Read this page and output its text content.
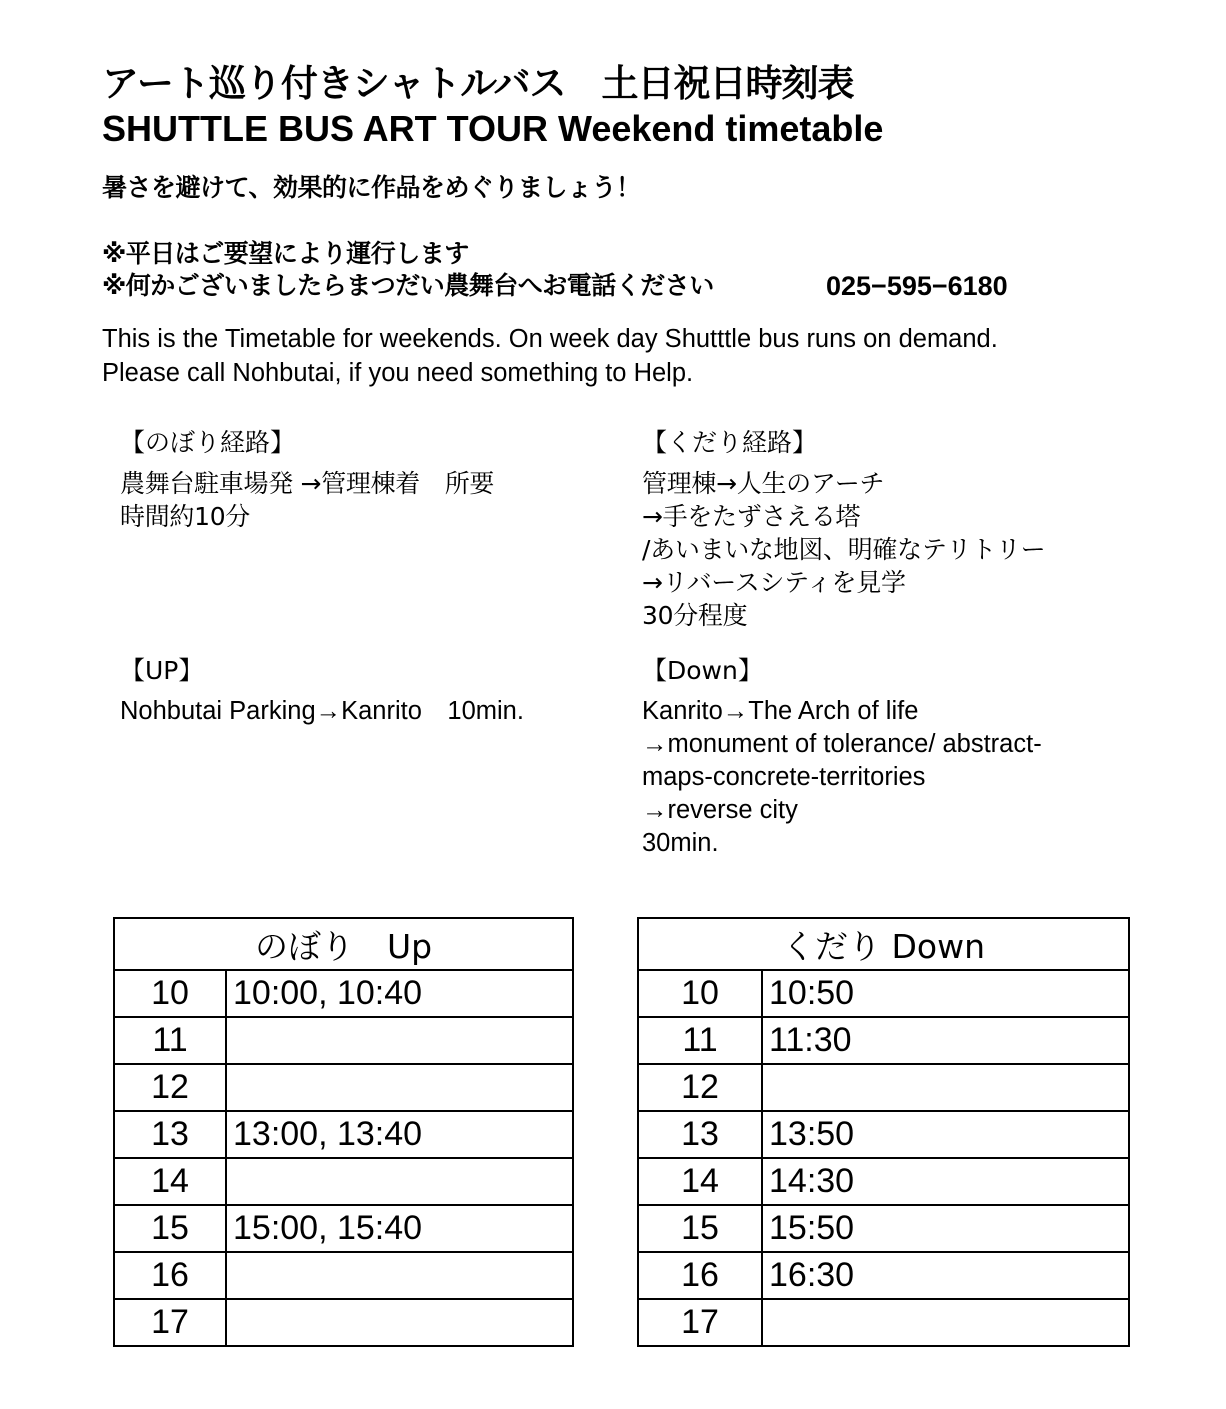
アート巡り付きシャトルバス　土日祝日時刻表
SHUTTLE BUS ART TOUR Weekend timetable
暑さを避けて、効果的に作品をめぐりましょう！
※平日はご要望により運行します
※何かございましたらまつだい農舞台へお電話ください	025−595−6180
This is the Timetable for weekends. On week day Shutttle bus runs on demand.
Please call Nohbutai, if you need something to Help.
【のぼり経路】
農舞台駐車場発 →管理棟着　所要
時間約10分
【くだり経路】
管理棟→人生のアーチ
→手をたずさえる塔
/あいまいな地図、明確なテリトリー
→リバースシティを見学
30分程度
【UP】
Nohbutai Parking→Kanrito　10min.
【Down】
Kanrito→The Arch of life
→monument of tolerance/ abstract-
maps-concrete-territories
→reverse city
30min.
のぼり　Up	
10	10:00, 10:40
11	
12	
13	13:00, 13:40
14	
15	15:00, 15:40
16	
17	
くだり Down	
10	10:50
11	11:30
12	
13	13:50
14	14:30
15	15:50
16	16:30
17	
